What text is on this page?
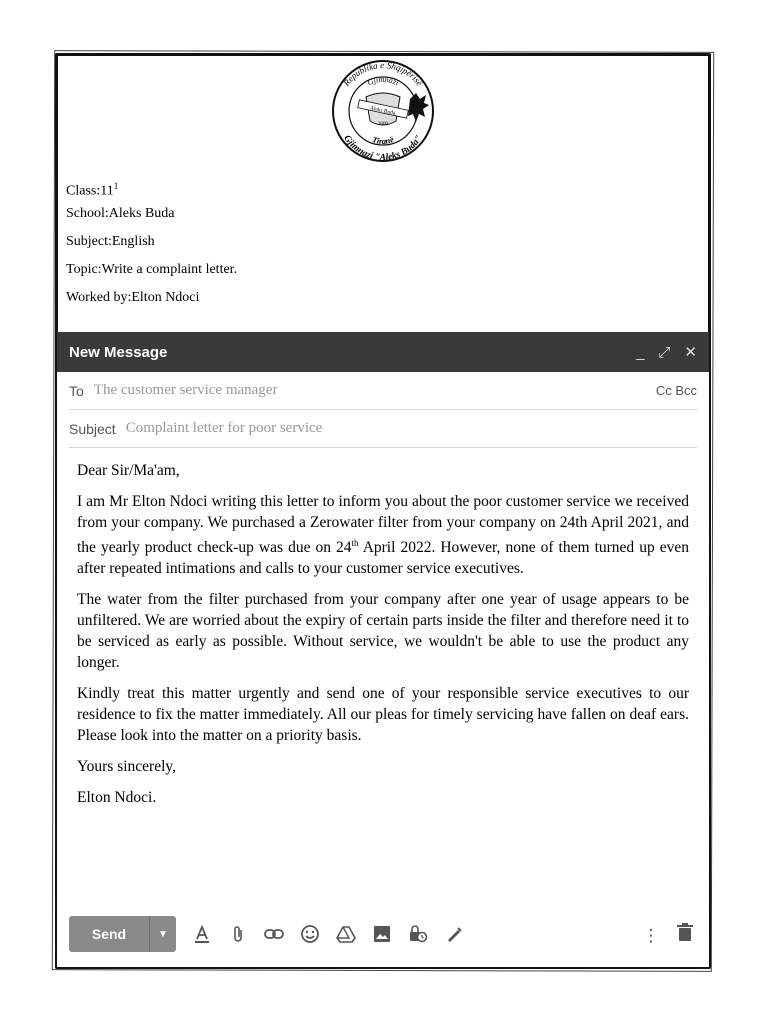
Republika e Shqipërisë
Gjimnazi "Aleks Buda"
Gjimnazi
Tiranë
Aleks Buda
2000
$Class:11^1$
School:Aleks Buda
Subject:English
Topic:Write a complaint letter.
Worked by:Elton Ndoci
New Message	_ ⤢ ✕
To The customer service manager	Cc Bcc
Subject Complaint letter for poor service

Dear Sir/Ma'am,

I am Mr Elton Ndoci writing this letter to inform you about the poor customer service we received from your company. We purchased a Zerowater filter from your company on 24th April 2021, and the yearly product check-up was due on 24th April 2022. However, none of them turned up even after repeated intimations and calls to your customer service executives.

The water from the filter purchased from your company after one year of usage appears to be unfiltered. We are worried about the expiry of certain parts inside the filter and therefore need it to be serviced as early as possible. Without service, we wouldn't be able to use the product any longer.

Kindly treat this matter urgently and send one of your responsible service executives to our residence to fix the matter immediately. All our pleas for timely servicing have fallen on deaf ears. Please look into the matter on a priority basis.

Yours sincerely,

Elton Ndoci.

Send	▼	⋮
